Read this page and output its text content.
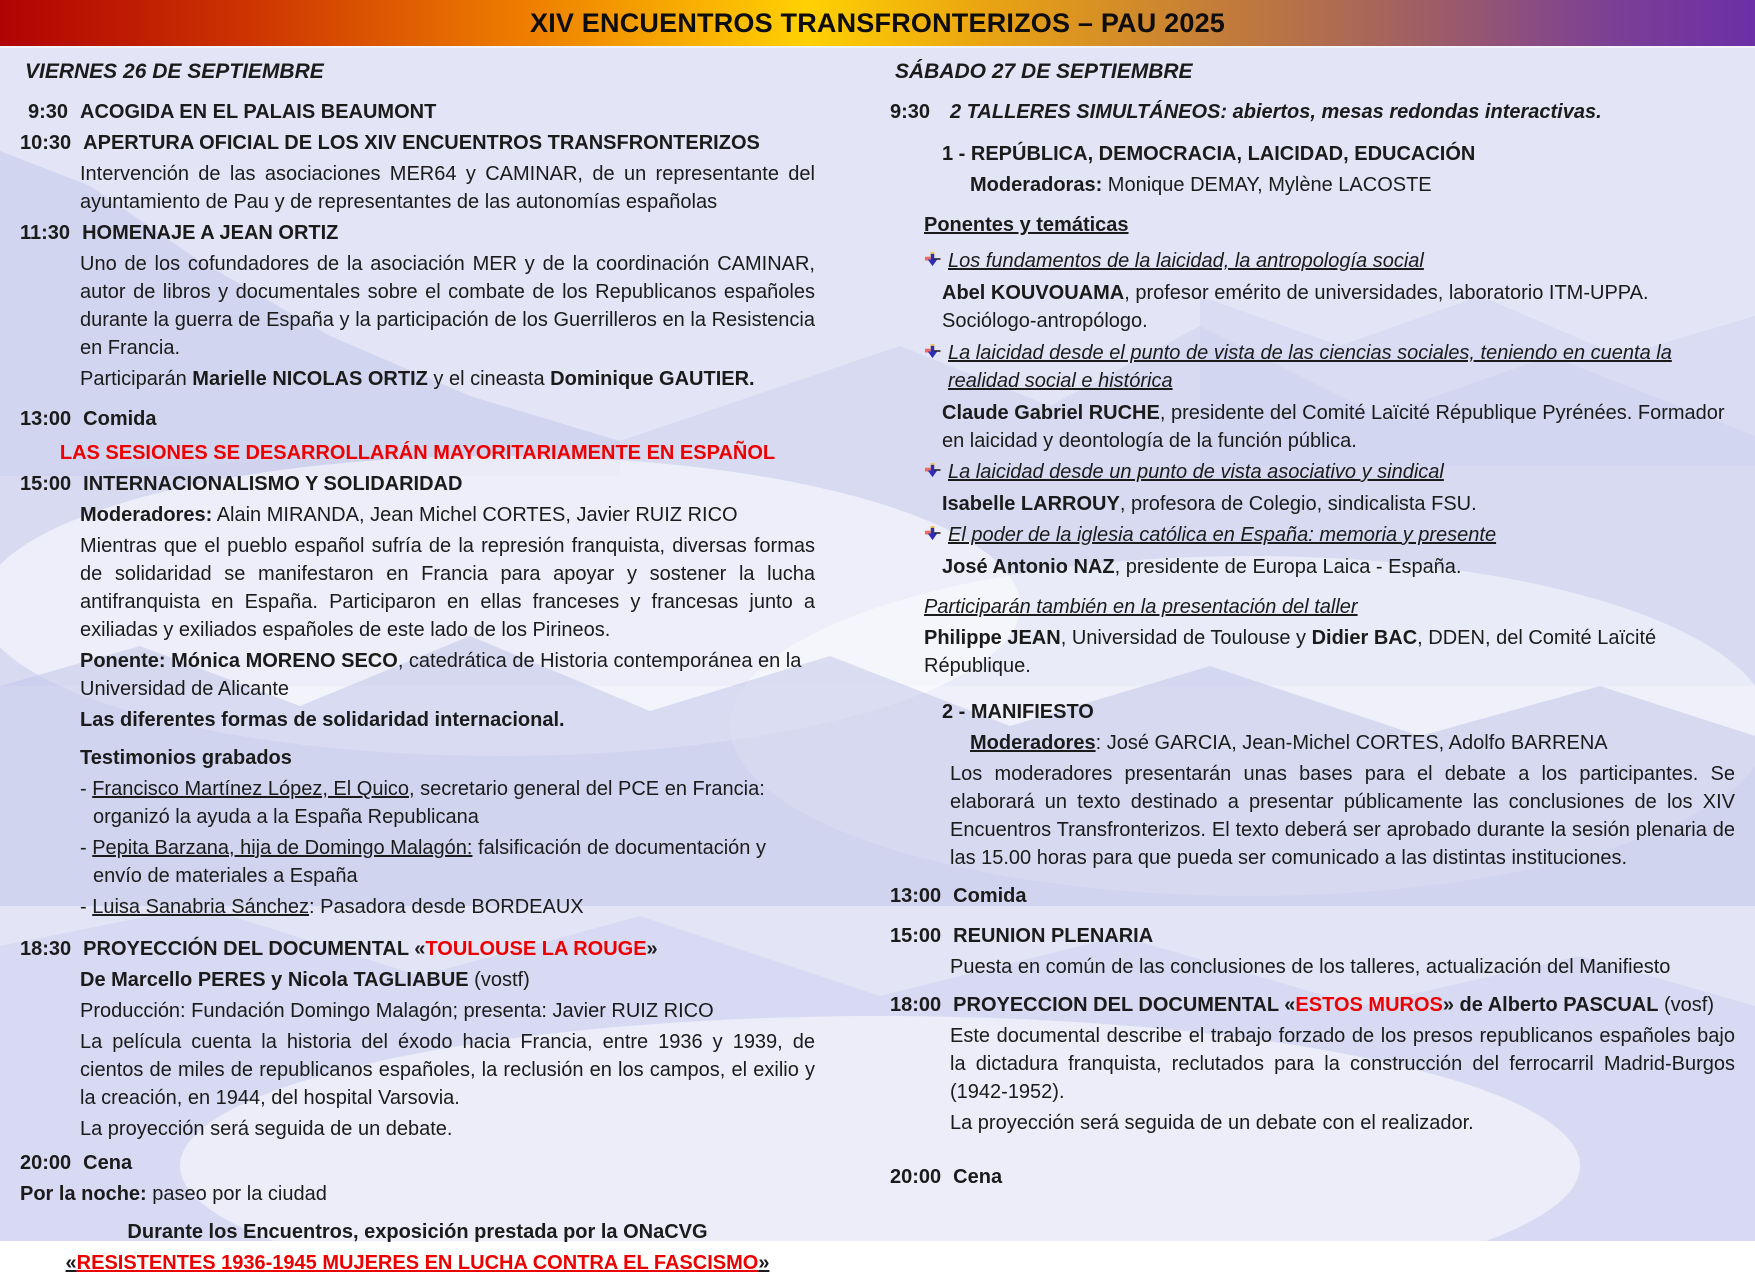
XIV ENCUENTROS TRANSFRONTERIZOS – PAU 2025
VIERNES 26 DE SEPTIEMBRE
9:30 ACOGIDA EN EL PALAIS BEAUMONT
10:30 APERTURA OFICIAL DE LOS XIV ENCUENTROS TRANSFRONTERIZOS
Intervención de las asociaciones MER64 y CAMINAR, de un representante del ayuntamiento de Pau y de representantes de las autonomías españolas
11:30 HOMENAJE A JEAN ORTIZ
Uno de los cofundadores de la asociación MER y de la coordinación CAMINAR, autor de libros y documentales sobre el combate de los Republicanos españoles durante la guerra de España y la participación de los Guerrilleros en la Resistencia en Francia.
Participarán Marielle NICOLAS ORTIZ y el cineasta Dominique GAUTIER.
13:00 Comida
LAS SESIONES SE DESARROLLARÁN MAYORITARIAMENTE EN ESPAÑOL
15:00 INTERNACIONALISMO Y SOLIDARIDAD
Moderadores: Alain MIRANDA, Jean Michel CORTES, Javier RUIZ RICO
Mientras que el pueblo español sufría de la represión franquista, diversas formas de solidaridad se manifestaron en Francia para apoyar y sostener la lucha antifranquista en España. Participaron en ellas franceses y francesas junto a exiliadas y exiliados españoles de este lado de los Pirineos.
Ponente: Mónica MORENO SECO, catedrática de Historia contemporánea en la Universidad de Alicante
Las diferentes formas de solidaridad internacional.
Testimonios grabados
- Francisco Martínez López, El Quico, secretario general del PCE en Francia: organizó la ayuda a la España Republicana
- Pepita Barzana, hija de Domingo Malagón: falsificación de documentación y envío de materiales a España
- Luisa Sanabria Sánchez: Pasadora desde BORDEAUX
18:30 PROYECCIÓN DEL DOCUMENTAL «TOULOUSE LA ROUGE»
De Marcello PERES y Nicola TAGLIABUE (vostf)
Producción: Fundación Domingo Malagón; presenta: Javier RUIZ RICO
La película cuenta la historia del éxodo hacia Francia, entre 1936 y 1939, de cientos de miles de republicanos españoles, la reclusión en los campos, el exilio y la creación, en 1944, del hospital Varsovia.
La proyección será seguida de un debate.
20:00 Cena
Por la noche: paseo por la ciudad
Durante los Encuentros, exposición prestada por la ONaCVG
«RESISTENTES 1936-1945 MUJERES EN LUCHA CONTRA EL FASCISMO»
SÁBADO 27 DE SEPTIEMBRE
9:30 2 TALLERES SIMULTÁNEOS: abiertos, mesas redondas interactivas.
1 - REPÚBLICA, DEMOCRACIA, LAICIDAD, EDUCACIÓN
Moderadoras: Monique DEMAY, Mylène LACOSTE
Ponentes y temáticas
Los fundamentos de la laicidad, la antropología social
Abel KOUVOUAMA, profesor emérito de universidades, laboratorio ITM-UPPA. Sociólogo-antropólogo.
La laicidad desde el punto de vista de las ciencias sociales, teniendo en cuenta la realidad social e histórica
Claude Gabriel RUCHE, presidente del Comité Laïcité République Pyrénées. Formador en laicidad y deontología de la función pública.
La laicidad desde un punto de vista asociativo y sindical
Isabelle LARROUY, profesora de Colegio, sindicalista FSU.
El poder de la iglesia católica en España: memoria y presente
José Antonio NAZ, presidente de Europa Laica - España.
Participarán también en la presentación del taller
Philippe JEAN, Universidad de Toulouse y Didier BAC, DDEN, del Comité Laïcité République.
2 - MANIFIESTO
Moderadores: José GARCIA, Jean-Michel CORTES, Adolfo BARRENA
Los moderadores presentarán unas bases para el debate a los participantes. Se elaborará un texto destinado a presentar públicamente las conclusiones de los XIV Encuentros Transfronterizos. El texto deberá ser aprobado durante la sesión plenaria de las 15.00 horas para que pueda ser comunicado a las distintas instituciones.
13:00 Comida
15:00 REUNION PLENARIA
Puesta en común de las conclusiones de los talleres, actualización del Manifiesto
18:00 PROYECCION DEL DOCUMENTAL «ESTOS MUROS» de Alberto PASCUAL (vosf)
Este documental describe el trabajo forzado de los presos republicanos españoles bajo la dictadura franquista, reclutados para la construcción del ferrocarril Madrid-Burgos (1942-1952).
La proyección será seguida de un debate con el realizador.
20:00 Cena
